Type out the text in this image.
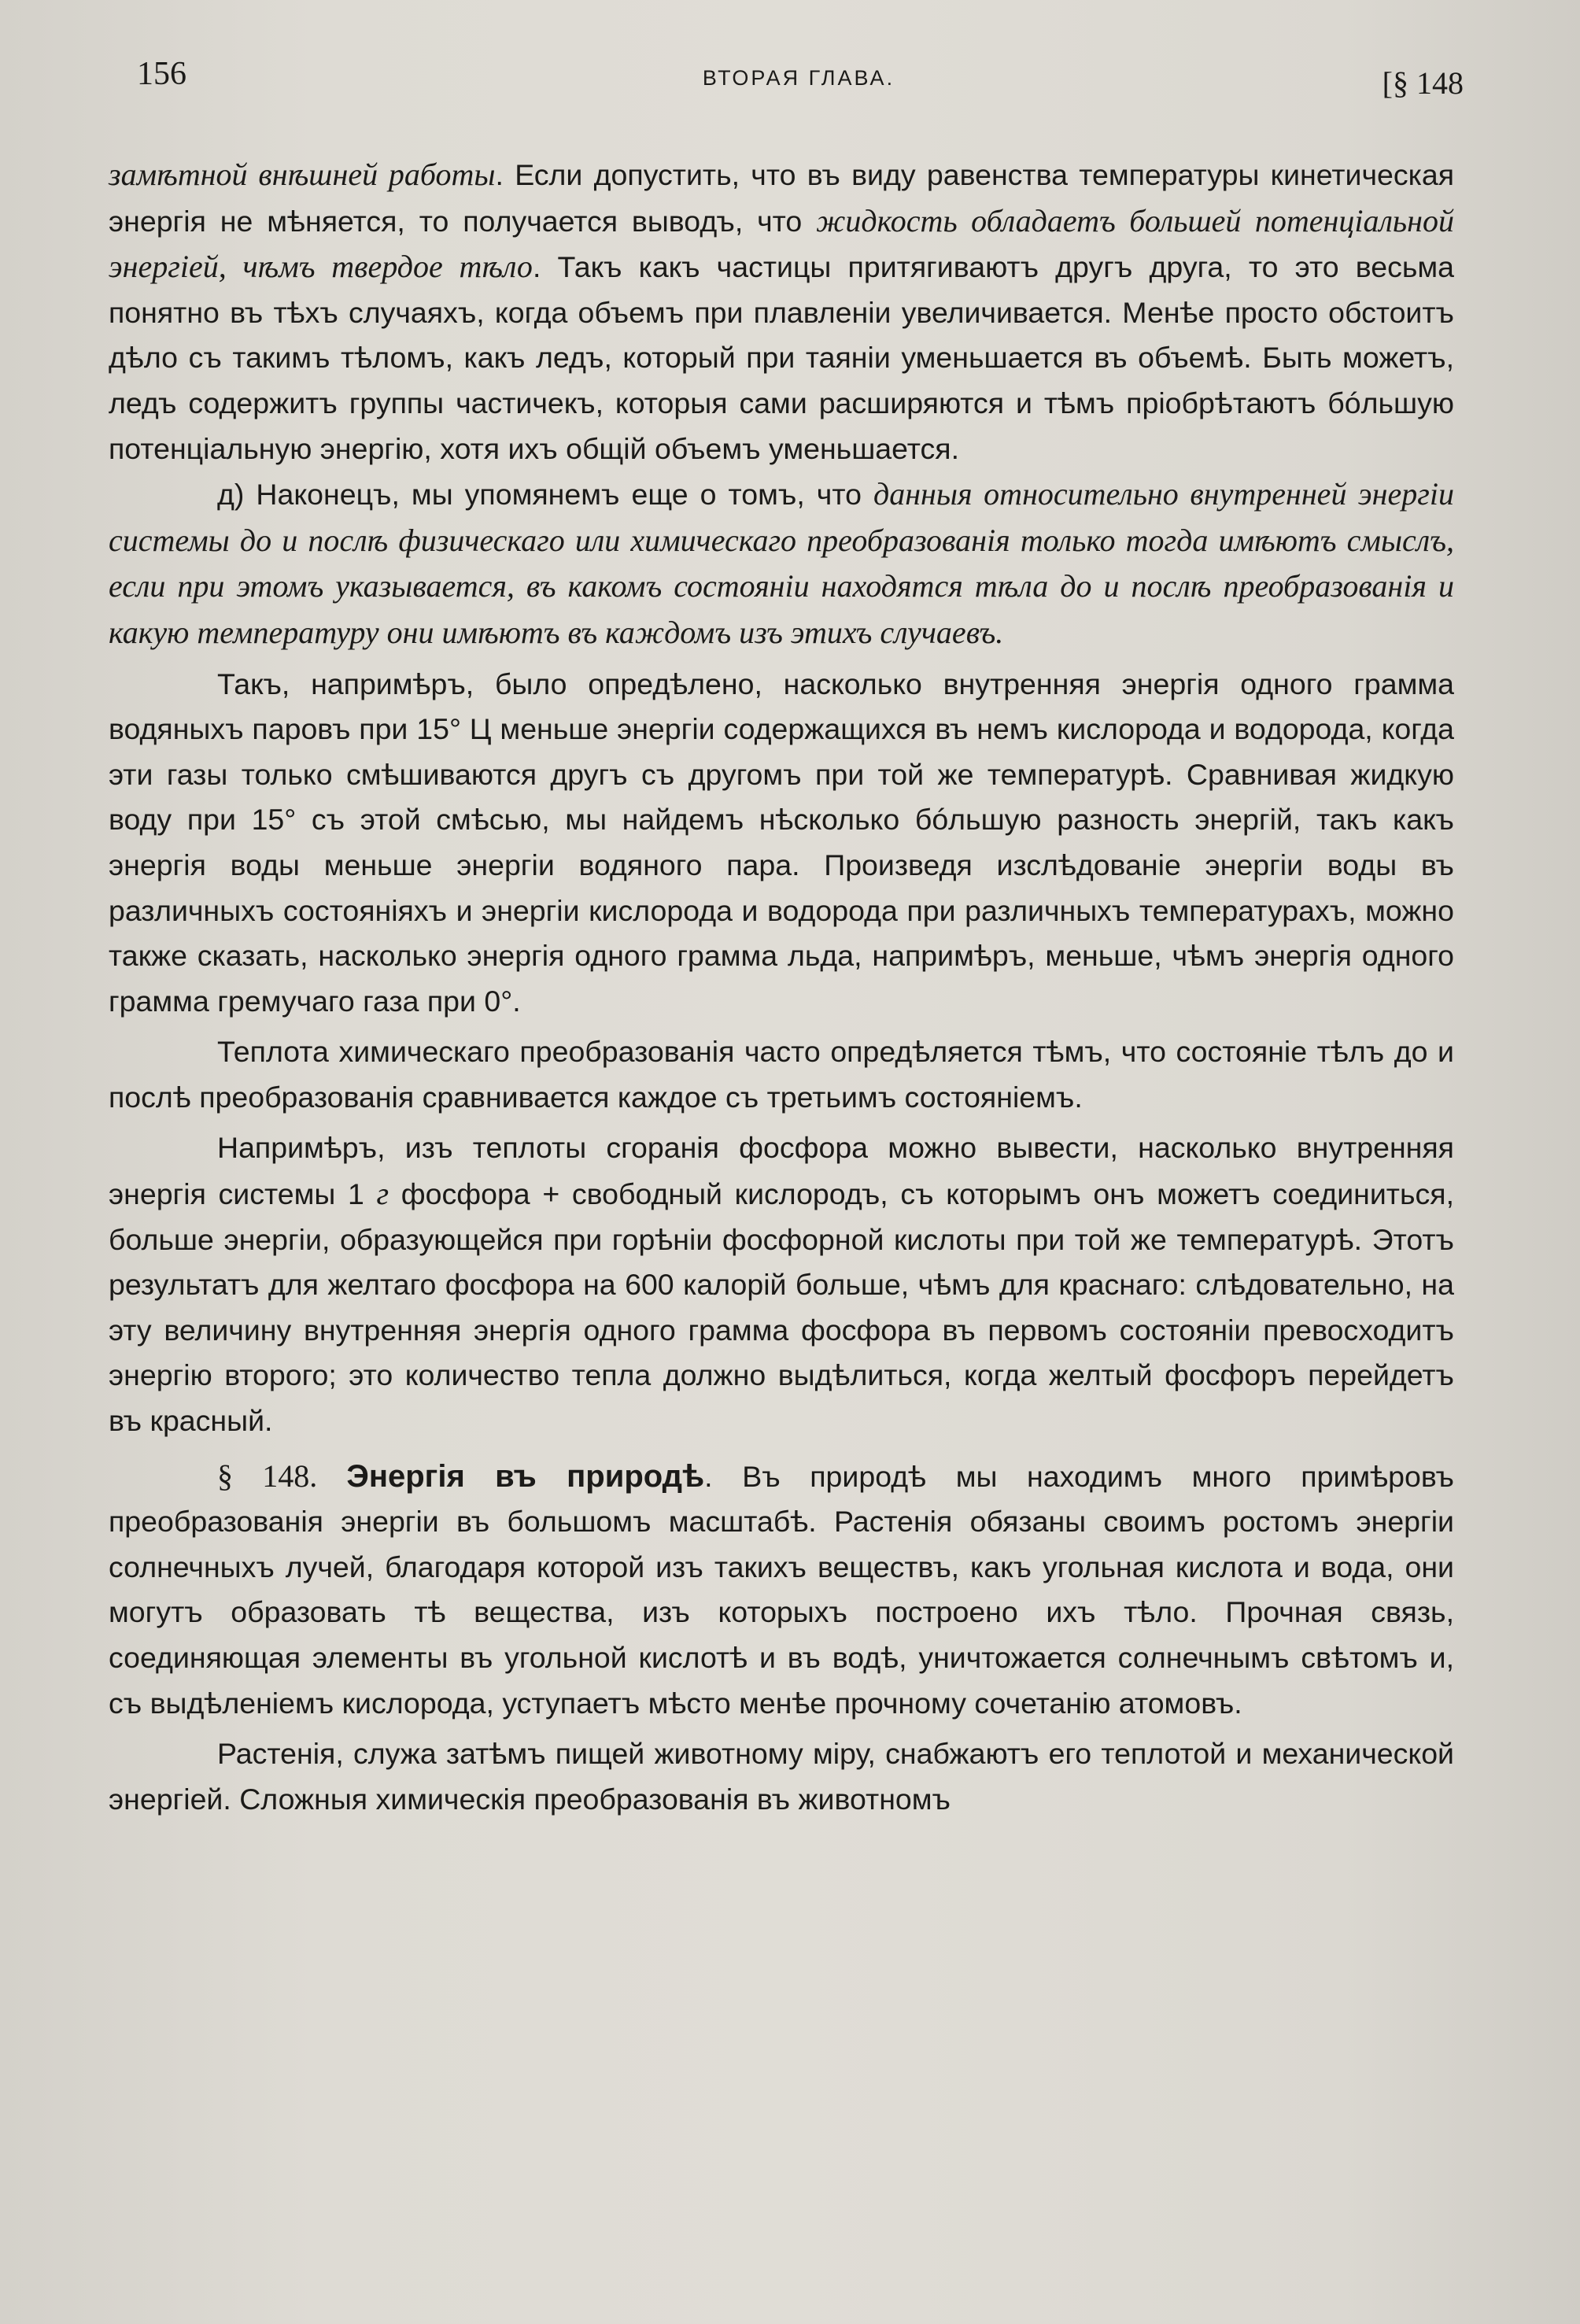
156	ВТОРАЯ ГЛАВА.	[§ 148

замѣтной внѣшней работы. Если допустить, что въ виду равенства температуры кинетическая энергія не мѣняется, то получается выводъ, что жидкость обладаетъ большей потенціальной энергіей, чѣмъ твердое тѣло. Такъ какъ частицы притягиваютъ другъ друга, то это весьма понятно въ тѣхъ случаяхъ, когда объемъ при плавленіи увеличивается. Менѣе просто обстоитъ дѣло съ такимъ тѣломъ, какъ ледъ, который при таяніи уменьшается въ объемѣ. Быть можетъ, ледъ содержитъ группы частичекъ, которыя сами расширяются и тѣмъ пріобрѣтаютъ бóльшую потенціальную энергію, хотя ихъ общій объемъ уменьшается.

д) Наконецъ, мы упомянемъ еще о томъ, что данныя относительно внутренней энергіи системы до и послѣ физическаго или химическаго преобразованія только тогда имѣютъ смыслъ, если при этомъ указывается, въ какомъ состояніи находятся тѣла до и послѣ преобразованія и какую температуру они имѣютъ въ каждомъ изъ этихъ случаевъ.

Такъ, напримѣръ, было опредѣлено, насколько внутренняя энергія одного грамма водяныхъ паровъ при 15° Ц меньше энергіи содержащихся въ немъ кислорода и водорода, когда эти газы только смѣшиваются другъ съ другомъ при той же температурѣ. Сравнивая жидкую воду при 15° съ этой смѣсью, мы найдемъ нѣсколько бóльшую разность энергій, такъ какъ энергія воды меньше энергіи водяного пара. Произведя изслѣдованіе энергіи воды въ различныхъ состояніяхъ и энергіи кислорода и водорода при различныхъ температурахъ, можно также сказать, насколько энергія одного грамма льда, напримѣръ, меньше, чѣмъ энергія одного грамма гремучаго газа при 0°.

Теплота химическаго преобразованія часто опредѣляется тѣмъ, что состояніе тѣлъ до и послѣ преобразованія сравнивается каждое съ третьимъ состояніемъ.

Напримѣръ, изъ теплоты сгоранія фосфора можно вывести, насколько внутренняя энергія системы 1 г фосфора + свободный кислородъ, съ которымъ онъ можетъ соединиться, больше энергіи, образующейся при горѣніи фосфорной кислоты при той же температурѣ. Этотъ результатъ для желтаго фосфора на 600 калорій больше, чѣмъ для краснаго: слѣдовательно, на эту величину внутренняя энергія одного грамма фосфора въ первомъ состояніи превосходитъ энергію второго; это количество тепла должно выдѣлиться, когда желтый фосфоръ перейдетъ въ красный.

§ 148. Энергія въ природѣ. Въ природѣ мы находимъ много примѣровъ преобразованія энергіи въ большомъ масштабѣ. Растенія обязаны своимъ ростомъ энергіи солнечныхъ лучей, благодаря которой изъ такихъ веществъ, какъ угольная кислота и вода, они могутъ образовать тѣ вещества, изъ которыхъ построено ихъ тѣло. Прочная связь, соединяющая элементы въ угольной кислотѣ и въ водѣ, уничтожается солнечнымъ свѣтомъ и, съ выдѣленіемъ кислорода, уступаетъ мѣсто менѣе прочному сочетанію атомовъ.

Растенія, служа затѣмъ пищей животному міру, снабжаютъ его теплотой и механической энергіей. Сложныя химическія преобразованія въ животномъ
